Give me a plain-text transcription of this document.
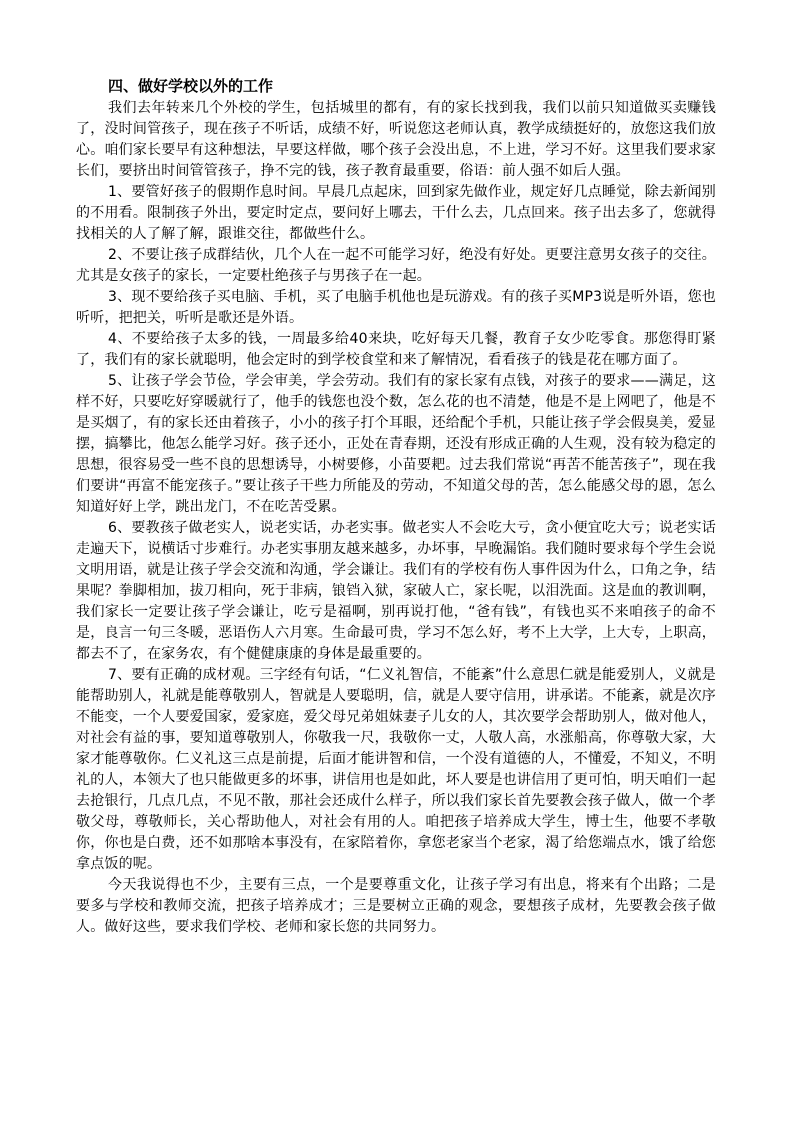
四、做好学校以外的工作

我们去年转来几个外校的学生，包括城里的都有，有的家长找到我，我们以前只知道做买卖赚钱了，没时间管孩子，现在孩子不听话，成绩不好，听说您这老师认真，教学成绩挺好的，放您这我们放心。咱们家长要早有这种想法，早要这样做，哪个孩子会没出息，不上进，学习不好。这里我们要求家长们，要挤出时间管管孩子，挣不完的钱，孩子教育最重要，俗语：前人强不如后人强。

1、要管好孩子的假期作息时间。早晨几点起床，回到家先做作业，规定好几点睡觉，除去新闻别的不用看。限制孩子外出，要定时定点，要问好上哪去，干什么去，几点回来。孩子出去多了，您就得找相关的人了解了解，跟谁交往，都做些什么。

2、不要让孩子成群结伙，几个人在一起不可能学习好，绝没有好处。更要注意男女孩子的交往。尤其是女孩子的家长，一定要杜绝孩子与男孩子在一起。

3、现不要给孩子买电脑、手机，买了电脑手机他也是玩游戏。有的孩子买MP3说是听外语，您也听听，把把关，听听是歌还是外语。

4、不要给孩子太多的钱，一周最多给40来块，吃好每天几餐，教育子女少吃零食。那您得盯紧了，我们有的家长就聪明，他会定时的到学校食堂和来了解情况，看看孩子的钱是花在哪方面了。

5、让孩子学会节俭，学会审美，学会劳动。我们有的家长家有点钱，对孩子的要求——满足，这样不好，只要吃好穿暖就行了，他手的钱您也没个数，怎么花的也不清楚，他是不是上网吧了，他是不是买烟了，有的家长还由着孩子，小小的孩子打个耳眼，还给配个手机，只能让孩子学会假臭美，爱显摆，搞攀比，他怎么能学习好。孩子还小，正处在青春期，还没有形成正确的人生观，没有较为稳定的思想，很容易受一些不良的思想诱导，小树要修，小苗要耙。过去我们常说“再苦不能苦孩子”，现在我们要讲“再富不能宠孩子。”要让孩子干些力所能及的劳动，不知道父母的苦，怎么能感父母的恩，怎么知道好好上学，跳出龙门，不在吃苦受累。

6、要教孩子做老实人，说老实话，办老实事。做老实人不会吃大亏，贪小便宜吃大亏；说老实话走遍天下，说横话寸步难行。办老实事朋友越来越多，办坏事，早晚漏馅。我们随时要求每个学生会说文明用语，就是让孩子学会交流和沟通，学会谦让。我们有的学校有伤人事件因为什么，口角之争，结果呢？拳脚相加，拔刀相向，死于非病，锒铛入狱，家破人亡，家长呢，以泪洗面。这是血的教训啊，我们家长一定要让孩子学会谦让，吃亏是福啊，别再说打他，“爸有钱”，有钱也买不来咱孩子的命不是，良言一句三冬暖，恶语伤人六月寒。生命最可贵，学习不怎么好，考不上大学，上大专，上职高，都去不了，在家务农，有个健健康康的身体是最重要的。

7、要有正确的成材观。三字经有句话，“仁义礼智信，不能紊”什么意思仁就是能爱别人，义就是能帮助别人，礼就是能尊敬别人，智就是人要聪明，信，就是人要守信用，讲承诺。不能紊，就是次序不能变，一个人要爱国家，爱家庭，爱父母兄弟姐妹妻子儿女的人，其次要学会帮助别人，做对他人，对社会有益的事，要知道尊敬别人，你敬我一尺，我敬你一丈，人敬人高，水涨船高，你尊敬大家，大家才能尊敬你。仁义礼这三点是前提，后面才能讲智和信，一个没有道德的人，不懂爱，不知义，不明礼的人，本领大了也只能做更多的坏事，讲信用也是如此，坏人要是也讲信用了更可怕，明天咱们一起去抢银行，几点几点，不见不散，那社会还成什么样子，所以我们家长首先要教会孩子做人，做一个孝敬父母，尊敬师长，关心帮助他人，对社会有用的人。咱把孩子培养成大学生，博士生，他要不孝敬你，你也是白费，还不如那啥本事没有，在家陪着你，拿您老家当个老家，渴了给您端点水，饿了给您拿点饭的呢。

今天我说得也不少，主要有三点，一个是要尊重文化，让孩子学习有出息，将来有个出路；二是要多与学校和教师交流，把孩子培养成才；三是要树立正确的观念，要想孩子成材，先要教会孩子做人。做好这些，要求我们学校、老师和家长您的共同努力。
